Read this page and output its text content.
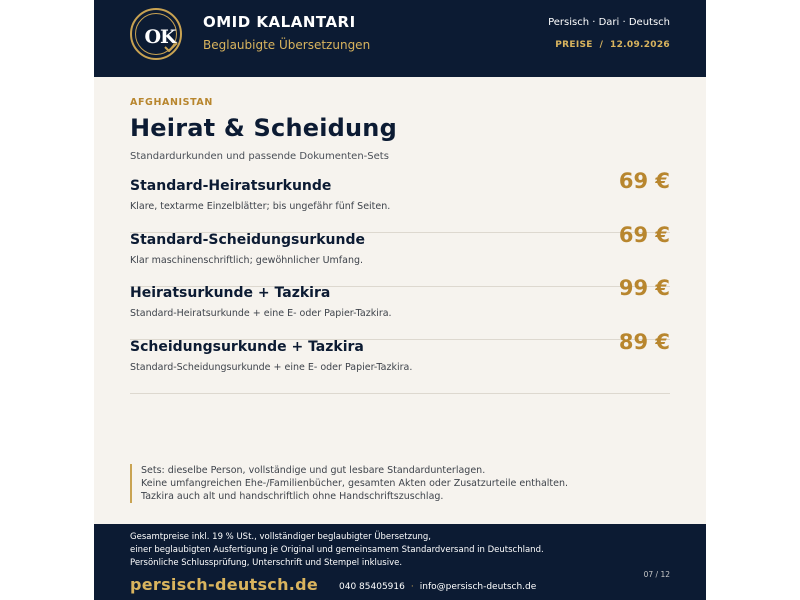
OK
OMID KALANTARI
Beglaubigte Übersetzungen
Persisch · Dari · Deutsch
PREISE  /  12.09.2026
AFGHANISTAN
Heirat & Scheidung
Standardurkunden und passende Dokumenten-Sets
Standard-Heiratsurkunde
Klare, textarme Einzelblätter; bis ungefähr fünf Seiten.
69 €
Standard-Scheidungsurkunde
Klar maschinenschriftlich; gewöhnlicher Umfang.
69 €
Heiratsurkunde + Tazkira
Standard-Heiratsurkunde + eine E- oder Papier-Tazkira.
99 €
Scheidungsurkunde + Tazkira
Standard-Scheidungsurkunde + eine E- oder Papier-Tazkira.
89 €
Sets: dieselbe Person, vollständige und gut lesbare Standardunterlagen.
Keine umfangreichen Ehe-/Familienbücher, gesamten Akten oder Zusatzurteile enthalten.
Tazkira auch alt und handschriftlich ohne Handschriftszuschlag.
Gesamtpreise inkl. 19 % USt., vollständiger beglaubigter Übersetzung,
einer beglaubigten Ausfertigung je Original und gemeinsamem Standardversand in Deutschland.
Persönliche Schlussprüfung, Unterschrift und Stempel inklusive.
persisch-deutsch.de 040 85405916 · info@persisch-deutsch.de
07 / 12
